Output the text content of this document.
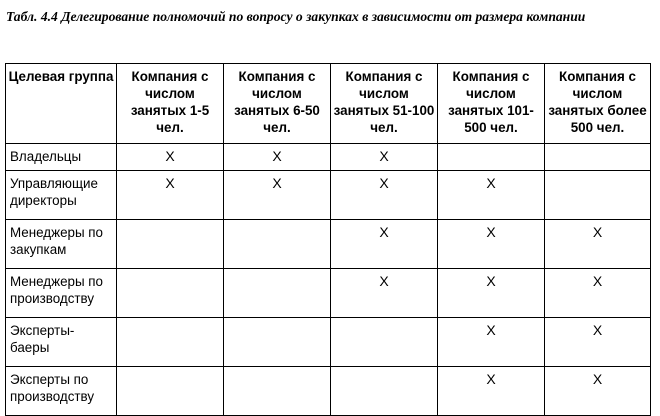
Табл. 4.4 Делегирование полномочий по вопросу о закупках в зависимости от размера компании

Целевая группа	Компания с числом занятых 1-5 чел.	Компания с числом занятых 6-50 чел.	Компания с числом занятых 51-100 чел.	Компания с числом занятых 101-500 чел.	Компания с числом занятых более 500 чел.
Владельцы	X	X	X		
Управляющие директоры	X	X	X	X	
Менеджеры по закупкам			X	X	X
Менеджеры по производству			X	X	X
Эксперты-баеры				X	X
Эксперты по производству				X	X
